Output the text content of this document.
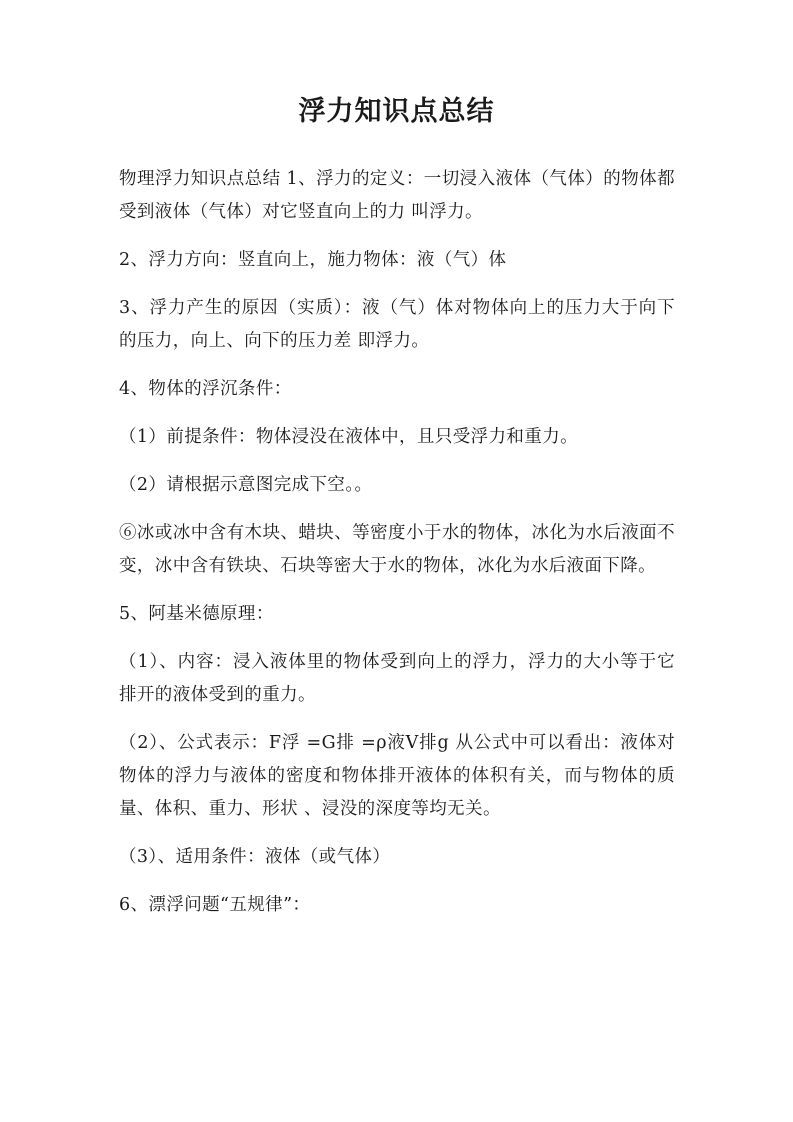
浮力知识点总结

物理浮力知识点总结 1、浮力的定义：一切浸入液体（气体）的物体都受到液体（气体）对它竖直向上的力 叫浮力。

2、浮力方向：竖直向上，施力物体：液（气）体

3、浮力产生的原因（实质）：液（气）体对物体向上的压力大于向下的压力，向上、向下的压力差 即浮力。

4、物体的浮沉条件：

（1）前提条件：物体浸没在液体中，且只受浮力和重力。

（2）请根据示意图完成下空。。

⑥冰或冰中含有木块、蜡块、等密度小于水的物体，冰化为水后液面不变，冰中含有铁块、石块等密大于水的物体，冰化为水后液面下降。

5、阿基米德原理：

（1）、内容：浸入液体里的物体受到向上的浮力，浮力的大小等于它排开的液体受到的重力。

（2）、公式表示：F浮 =G排 =ρ液V排g 从公式中可以看出：液体对物体的浮力与液体的密度和物体排开液体的体积有关，而与物体的质量、体积、重力、形状 、浸没的深度等均无关。

（3）、适用条件：液体（或气体）

6、漂浮问题“五规律”：
